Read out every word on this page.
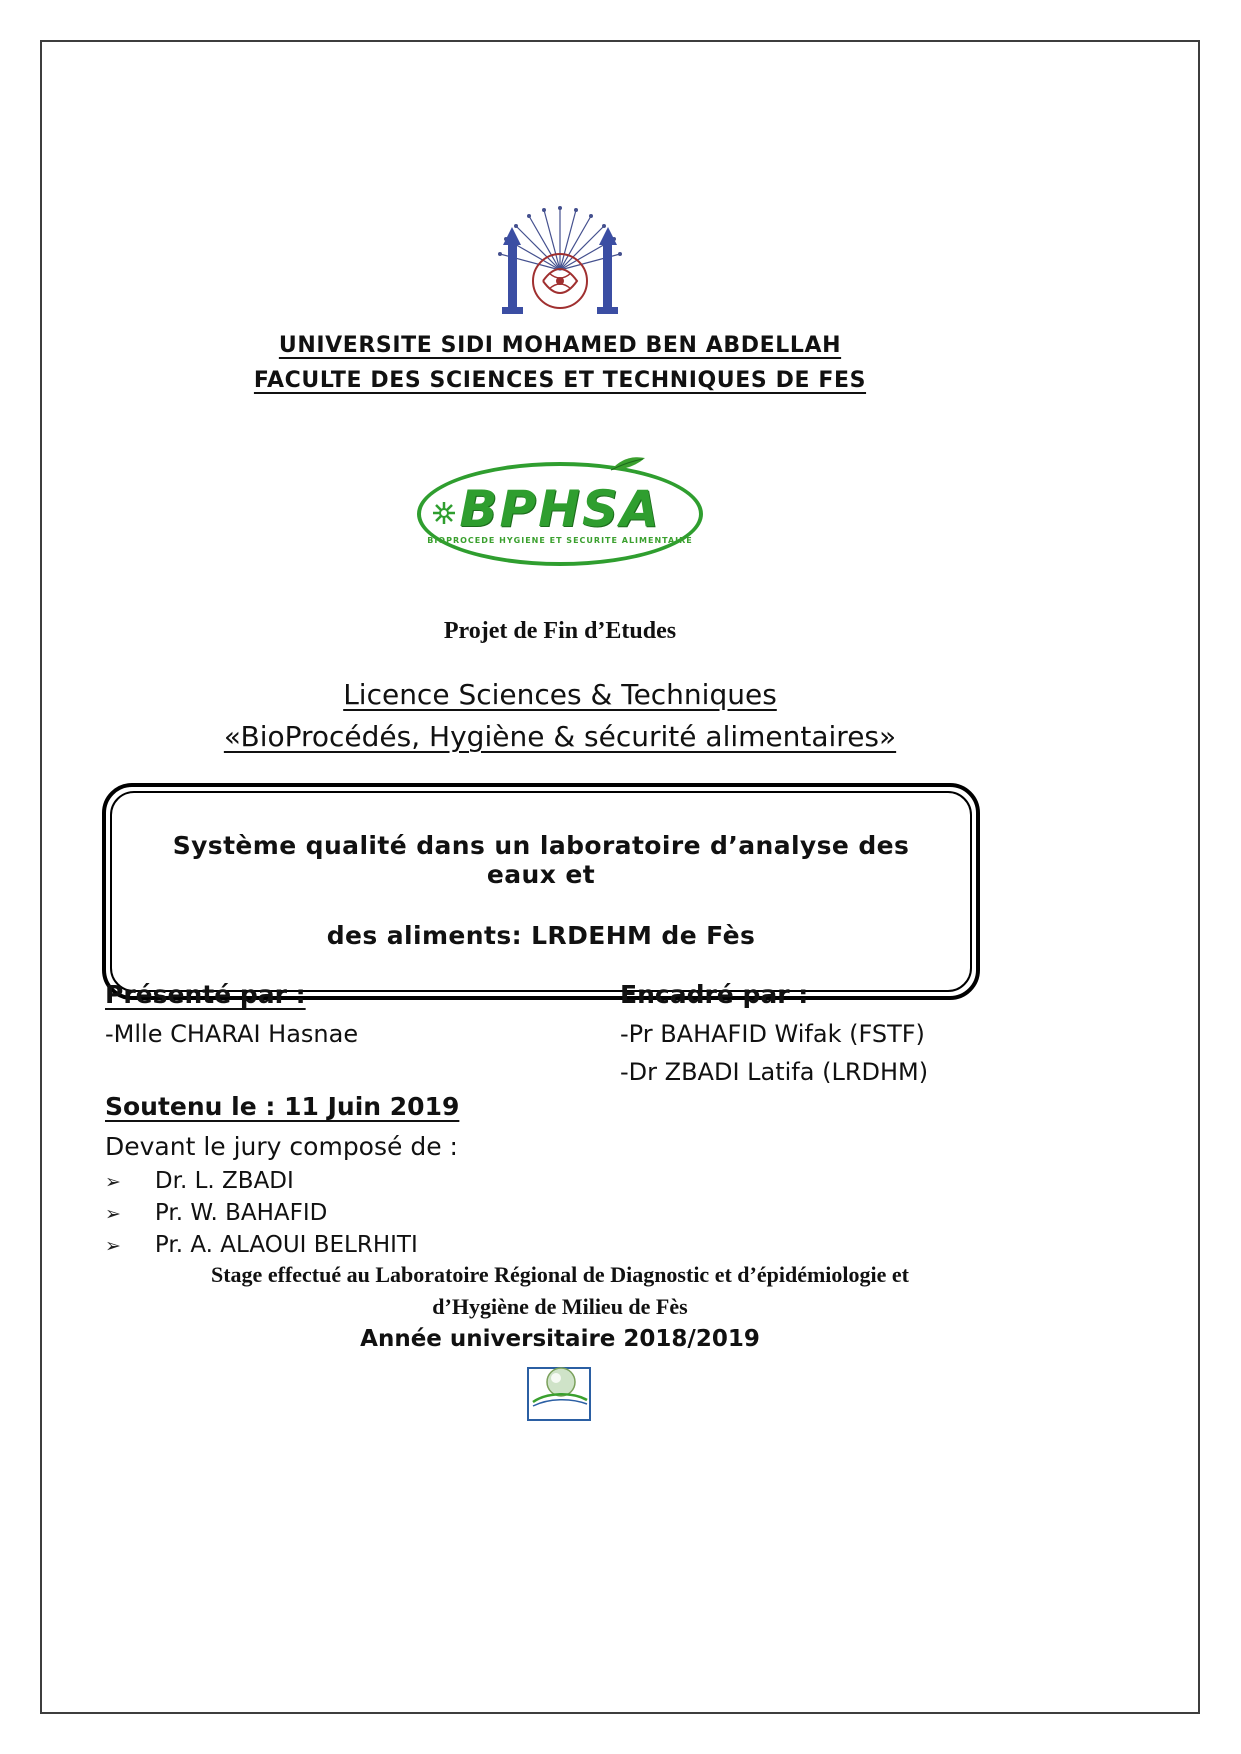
UNIVERSITE SIDI MOHAMED BEN ABDELLAH
FACULTE DES SCIENCES ET TECHNIQUES DE FES
BPHSA
BIOPROCEDE HYGIENE ET SECURITE ALIMENTAIRE
Projet de Fin d’Etudes
Licence Sciences & Techniques
«BioProcédés, Hygiène & sécurité alimentaires»
Système qualité dans un laboratoire d’analyse des eaux et
des aliments: LRDEHM de Fès
Présenté par :
-Mlle CHARAI Hasnae
Encadré par :
-Pr BAHAFID Wifak (FSTF)
-Dr ZBADI Latifa (LRDHM)
Soutenu le : 11 Juin 2019
Devant le jury composé de :
➢ Dr. L. ZBADI
➢ Pr. W. BAHAFID
➢ Pr. A. ALAOUI BELRHITI
Stage effectué au Laboratoire Régional de Diagnostic et d’épidémiologie et
d’Hygiène de Milieu de Fès
Année universitaire 2018/2019
